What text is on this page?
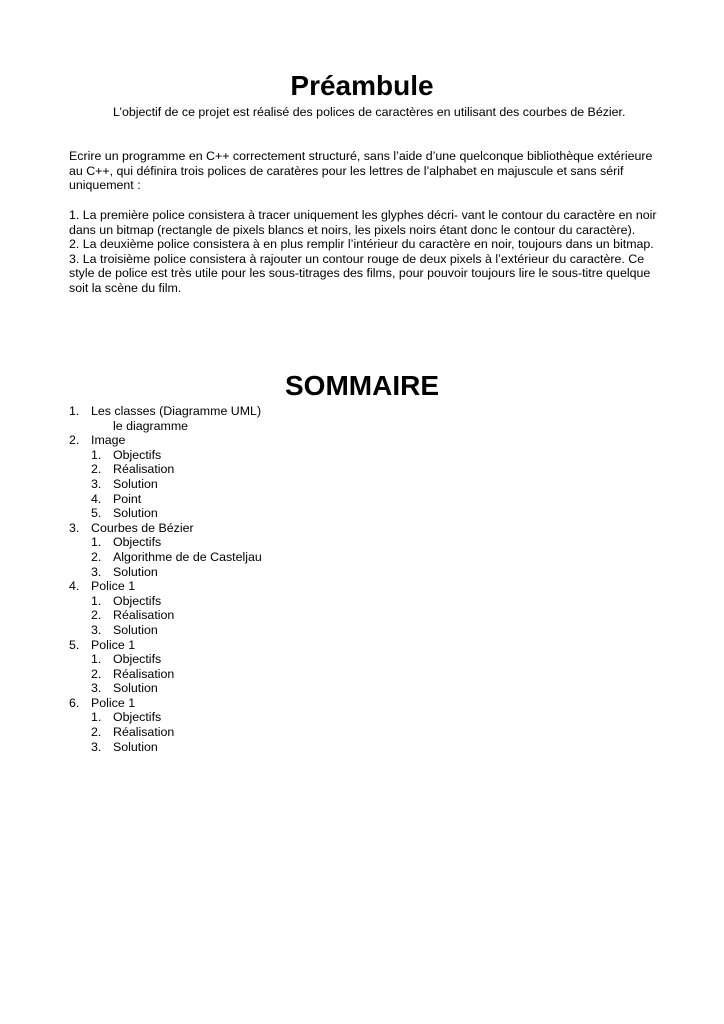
Préambule

L’objectif de ce projet est réalisé des polices de caractères en utilisant des courbes de Bézier.

Ecrire un programme en C++ correctement structuré, sans l’aide d’une quelconque bibliothèque extérieure au C++, qui définira trois polices de caratères pour les lettres de l’alphabet en majuscule et sans sérif uniquement :

1. La première police consistera à tracer uniquement les glyphes décri- vant le contour du caractère en noir dans un bitmap (rectangle de pixels blancs et noirs, les pixels noirs étant donc le contour du caractère).

2. La deuxième police consistera à en plus remplir l’intérieur du caractère en noir, toujours dans un bitmap.

3. La troisième police consistera à rajouter un contour rouge de deux pixels à l’extérieur du caractère. Ce style de police est très utile pour les sous-titrages des films, pour pouvoir toujours lire le sous-titre quelque soit la scène du film.

SOMMAIRE
1. Les classes (Diagramme UML)
le diagramme
2. Image
1. Objectifs
2. Réalisation
3. Solution
4. Point
5. Solution
3. Courbes de Bézier
1. Objectifs
2. Algorithme de de Casteljau
3. Solution
4. Police 1
1. Objectifs
2. Réalisation
3. Solution
5. Police 1
1. Objectifs
2. Réalisation
3. Solution
6. Police 1
1. Objectifs
2. Réalisation
3. Solution
